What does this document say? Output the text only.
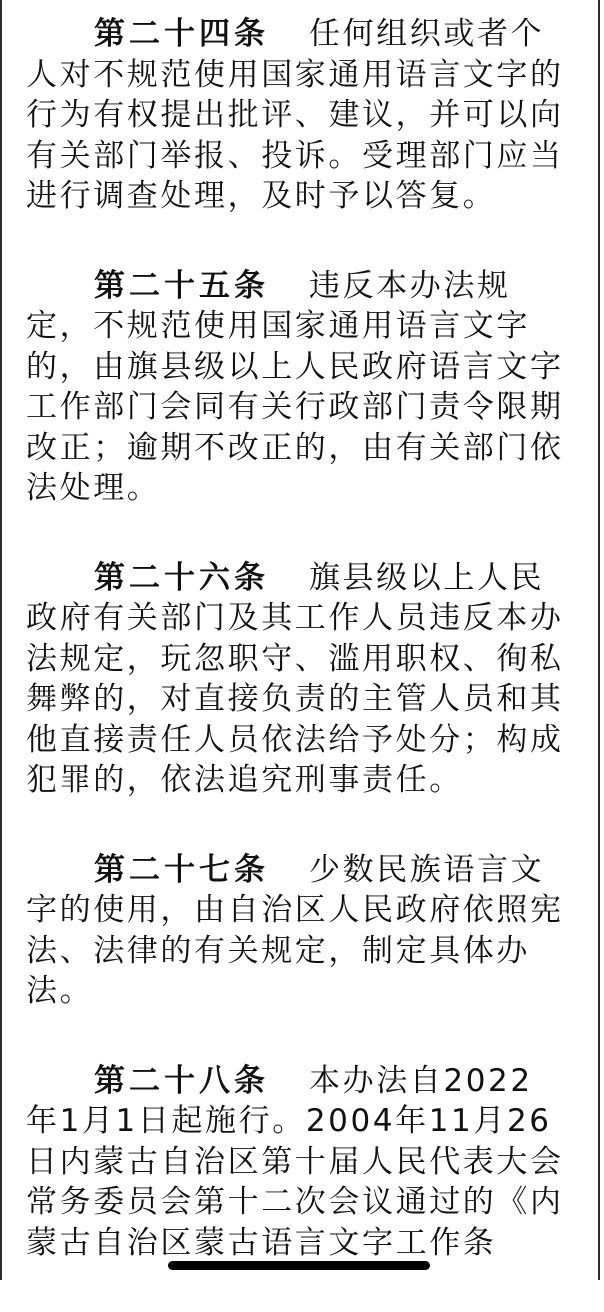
第二十四条 任何组织或者个人对不规范使用国家通用语言文字的行为有权提出批评、建议，并可以向有关部门举报、投诉。受理部门应当进行调查处理，及时予以答复。

第二十五条 违反本办法规定，不规范使用国家通用语言文字的，由旗县级以上人民政府语言文字工作部门会同有关行政部门责令限期改正；逾期不改正的，由有关部门依法处理。

第二十六条 旗县级以上人民政府有关部门及其工作人员违反本办法规定，玩忽职守、滥用职权、徇私舞弊的，对直接负责的主管人员和其他直接责任人员依法给予处分；构成犯罪的，依法追究刑事责任。

第二十七条 少数民族语言文字的使用，由自治区人民政府依照宪法、法律的有关规定，制定具体办法。

第二十八条 本办法自2022年1月1日起施行。2004年11月26日内蒙古自治区第十届人民代表大会常务委员会第十二次会议通过的《内蒙古自治区蒙古语言文字工作条
